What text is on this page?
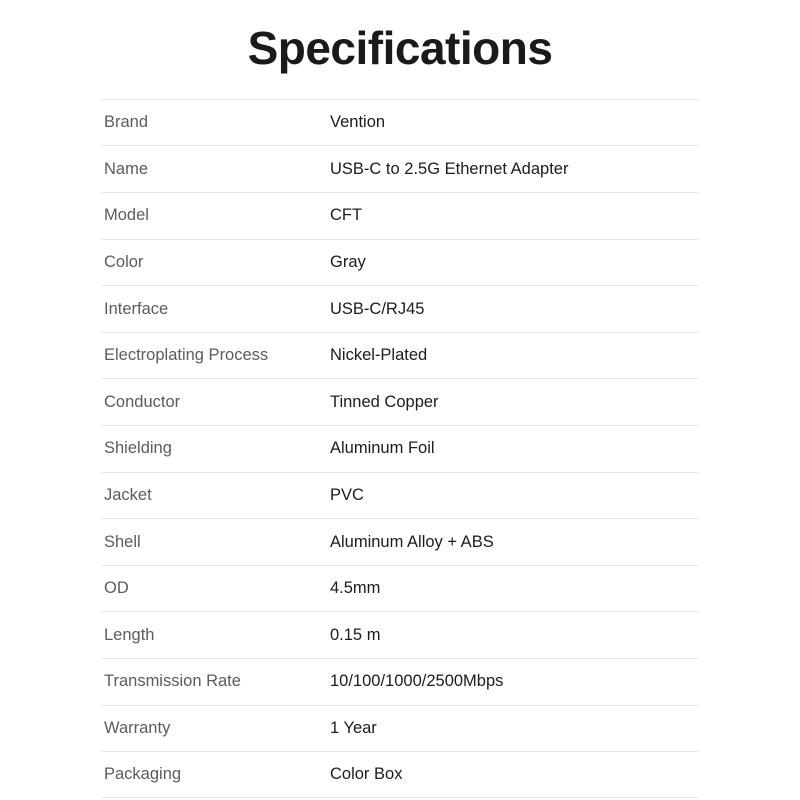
Specifications
Brand	Vention
Name	USB-C to 2.5G Ethernet Adapter
Model	CFT
Color	Gray
Interface	USB-C/RJ45
Electroplating Process	Nickel-Plated
Conductor	Tinned Copper
Shielding	Aluminum Foil
Jacket	PVC
Shell	Aluminum Alloy + ABS
OD	4.5mm
Length	0.15 m
Transmission Rate	10/100/1000/2500Mbps
Warranty	1 Year
Packaging	Color Box
